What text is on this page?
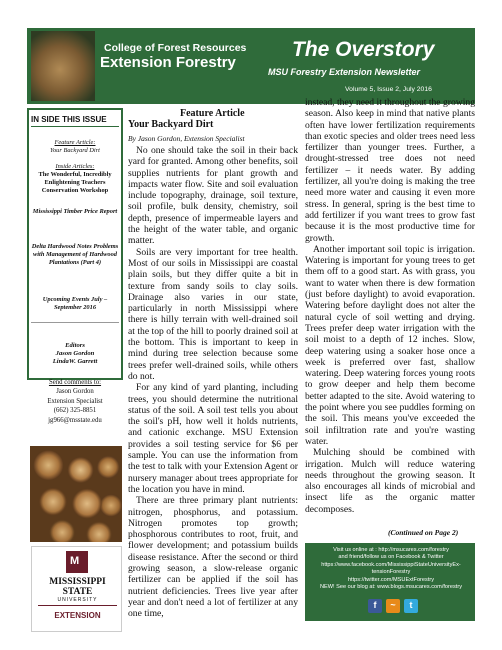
College of Forest Resources
Extension Forestry
The Overstory
MSU Forestry Extension Newsletter
Volume 5, Issue 2, July 2016
IN SIDE THIS ISSUE
Feature Article:
Your Backyard Dirt
Inside Articles:
The Wonderful, Incredibly Enlightening Teachers Conservation Workshop
Mississippi Timber Price Report
Delta Hardwood Notes Problems with Management of Hardwood Plantations (Part 4)
Upcoming Events July – September 2016
Editors
Jason Gordon
LindaW. Garrett
Send comments to:
Jason Gordon
Extension Specialist
(662) 325-8851
jg966@msstate.edu
M
MISSISSIPPI STATE
UNIVERSITY
EXTENSION
Feature Article
Your Backyard Dirt
By Jason Gordon, Extension Specialist

No one should take the soil in their back yard for granted. Among other benefits, soil supplies nutrients for plant growth and impacts water flow. Site and soil evaluation include topography, drainage, soil texture, soil profile, bulk density, chemistry, soil depth, presence of impermeable layers and the height of the water table, and organic matter.

Soils are very important for tree health. Most of our soils in Mississippi are coastal plain soils, but they differ quite a bit in texture from sandy soils to clay soils. Drainage also varies in our state, particularly in north Mississippi where there is hilly terrain with well-drained soil at the top of the hill to poorly drained soil at the bottom. This is important to keep in mind during tree selection because some trees prefer well-drained soils, while others do not.

For any kind of yard planting, including trees, you should determine the nutritional status of the soil. A soil test tells you about the soil's pH, how well it holds nutrients, and cationic exchange. MSU Extension provides a soil testing service for $6 per sample. You can use the information from the test to talk with your Extension Agent or nursery manager about trees appropriate for the location you have in mind.

There are three primary plant nutrients: nitrogen, phosphorus, and potassium. Nitrogen promotes top growth; phosphorous contributes to root, fruit, and flower development; and potassium builds disease resistance. After the second or third growing season, a slow-release organic fertilizer can be applied if the soil has nutrient deficiencies. Trees live year after year and don't need a lot of fertilizer at any one time,

instead, they need it throughout the growing season. Also keep in mind that native plants often have lower fertilization requirements than exotic species and older trees need less fertilizer than younger trees. Further, a drought-stressed tree does not need fertilizer – it needs water. By adding fertilizer, all you're doing is making the tree need more water and causing it even more stress. In general, spring is the best time to add fertilizer if you want trees to grow fast because it is the most productive time for growth.

Another important soil topic is irrigation. Watering is important for young trees to get them off to a good start. As with grass, you want to water when there is dew formation (just before daylight) to avoid evaporation. Watering before daylight does not alter the natural cycle of soil wetting and drying. Trees prefer deep water irrigation with the soil moist to a depth of 12 inches. Slow, deep watering using a soaker hose once a week is preferred over fast, shallow watering. Deep watering forces young roots to grow deeper and help them become better adapted to the site. Avoid watering to the point where you see puddles forming on the soil. This means you've exceeded the soil infiltration rate and you're wasting water.

Mulching should be combined with irrigation. Mulch will reduce watering needs throughout the growing season. It also encourages all kinds of microbial and insect life as the organic matter decomposes.

(Continued on Page 2)
Visit us online at : http://msucares.com/forestry
and friend/follow us on Facebook & Twitter
https://www.facebook.com/MississippiStateUniversityEx-tensionForestry
https://twitter.com/MSUExtForestry
NEW! See our blog at: www.blogs.msucares.com/forestry
f	~	t
